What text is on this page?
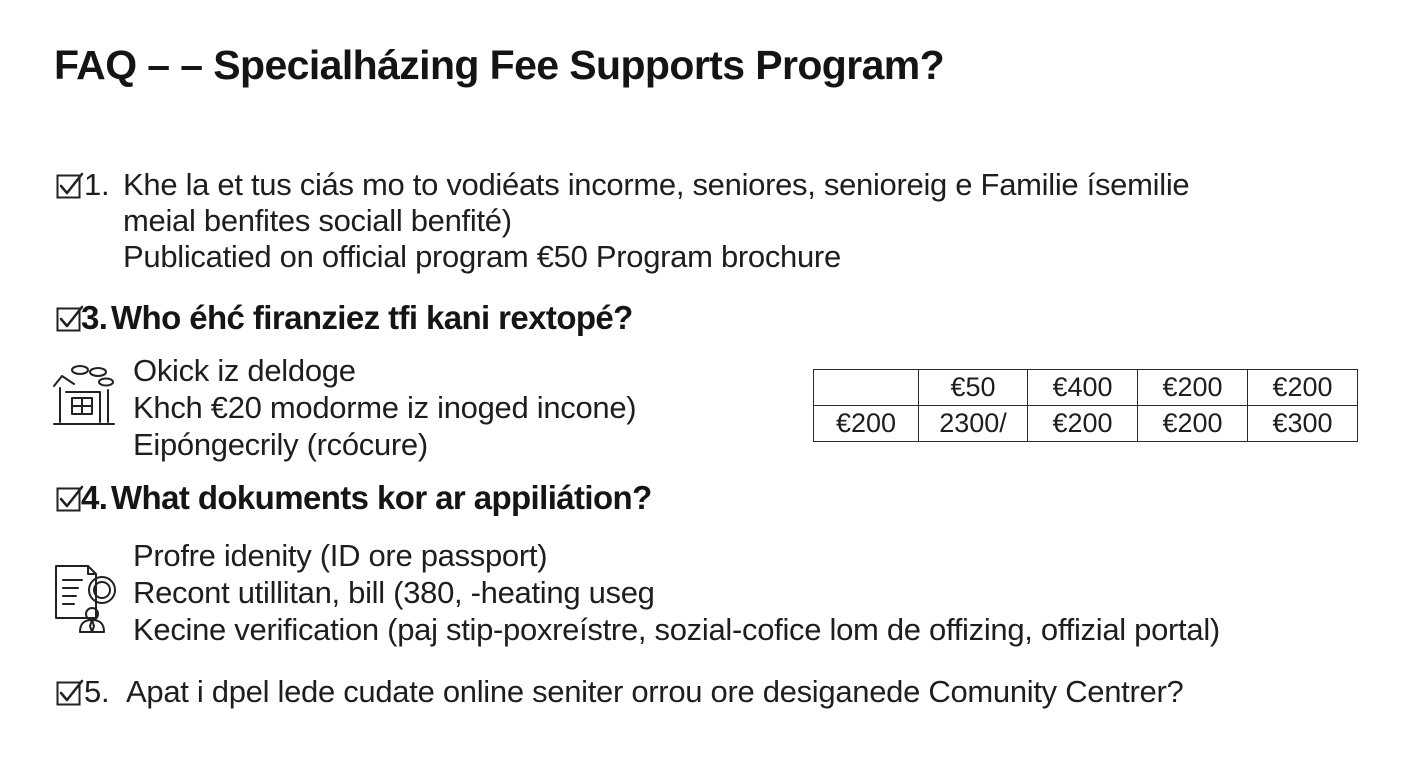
FAQ – – Specialházing Fee Supports Program?
1. Khe la et tus ciás mo to vodiéats incorme, seniores, senioreig e Familie ísemilie
meial benfites sociall benfité)
Publicatied on official program €50 Program brochure
3. Who éhć firanziez tfi kani rextopé?
Okick iz deldoge
Khch €20 modorme iz inoged incone)
Eipóngecrily (rcócure)
	€50	€400	€200	€200
€200	2300/	€200	€200	€300
4. What dokuments kor ar appiliátion?
Profre idenity (ID ore passport)
Recont utillitan, bill (380, -heating useg
Kecine verification (paj stip-poxreístre, sozial-cofice lom de offizing, offizial portal)
5. Apat i dpel lede cudate online seniter orrou ore desiganede Comunity Centrer?
